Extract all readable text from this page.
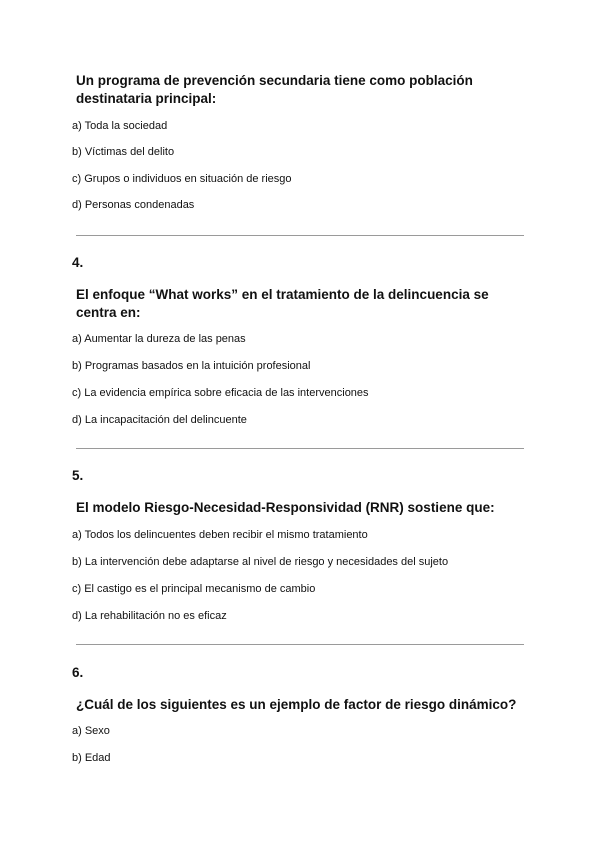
Un programa de prevención secundaria tiene como población destinataria principal:

a) Toda la sociedad

b) Víctimas del delito

c) Grupos o individuos en situación de riesgo

d) Personas condenadas

4.

El enfoque “What works” en el tratamiento de la delincuencia se centra en:

a) Aumentar la dureza de las penas

b) Programas basados en la intuición profesional

c) La evidencia empírica sobre eficacia de las intervenciones

d) La incapacitación del delincuente

5.

El modelo Riesgo-Necesidad-Responsividad (RNR) sostiene que:

a) Todos los delincuentes deben recibir el mismo tratamiento

b) La intervención debe adaptarse al nivel de riesgo y necesidades del sujeto

c) El castigo es el principal mecanismo de cambio

d) La rehabilitación no es eficaz

6.

¿Cuál de los siguientes es un ejemplo de factor de riesgo dinámico?

a) Sexo

b) Edad
